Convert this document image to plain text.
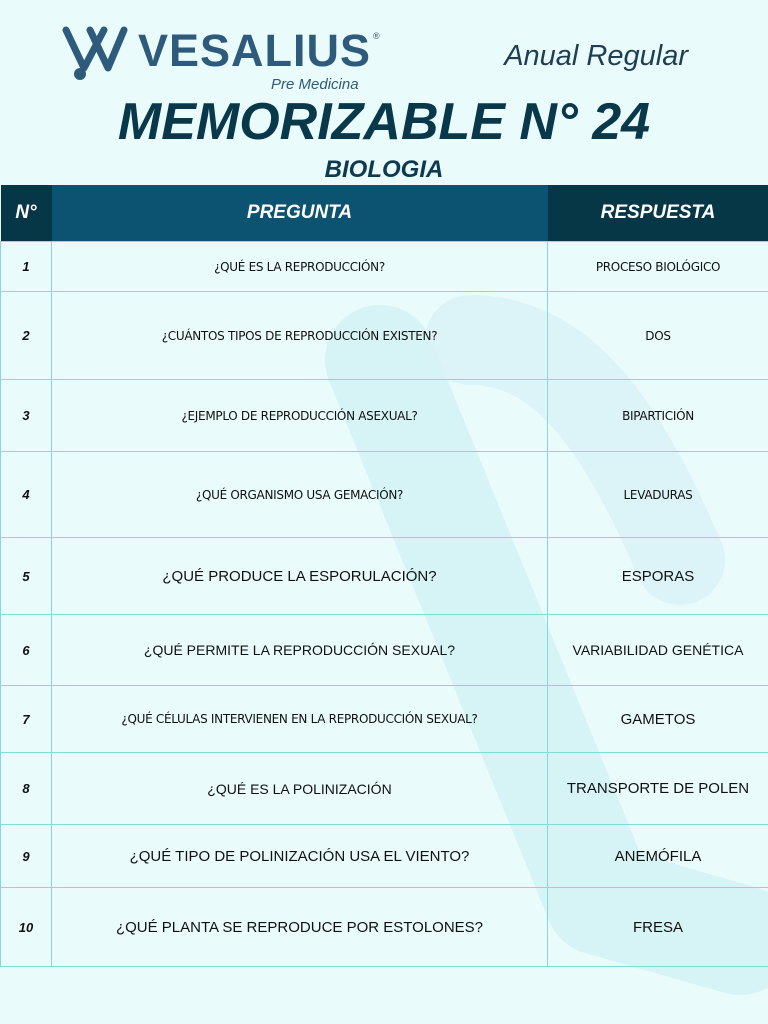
VESALIUS ®
Pre Medicina
Anual Regular
MEMORIZABLE N° 24
BIOLOGIA
N°	PREGUNTA	RESPUESTA
1	¿QUÉ ES LA REPRODUCCIÓN?	PROCESO BIOLÓGICO
2	¿CUÁNTOS TIPOS DE REPRODUCCIÓN EXISTEN?	DOS
3	¿EJEMPLO DE REPRODUCCIÓN ASEXUAL?	BIPARTICIÓN
4	¿QUÉ ORGANISMO USA GEMACIÓN?	LEVADURAS
5	¿QUÉ PRODUCE LA ESPORULACIÓN?	ESPORAS
6	¿QUÉ PERMITE LA REPRODUCCIÓN SEXUAL?	VARIABILIDAD GENÉTICA
7	¿QUÉ CÉLULAS INTERVIENEN EN LA REPRODUCCIÓN SEXUAL?	GAMETOS
8	¿QUÉ ES LA POLINIZACIÓN	TRANSPORTE DE POLEN
9	¿QUÉ TIPO DE POLINIZACIÓN USA EL VIENTO?	ANEMÓFILA
10	¿QUÉ PLANTA SE REPRODUCE POR ESTOLONES?	FRESA
